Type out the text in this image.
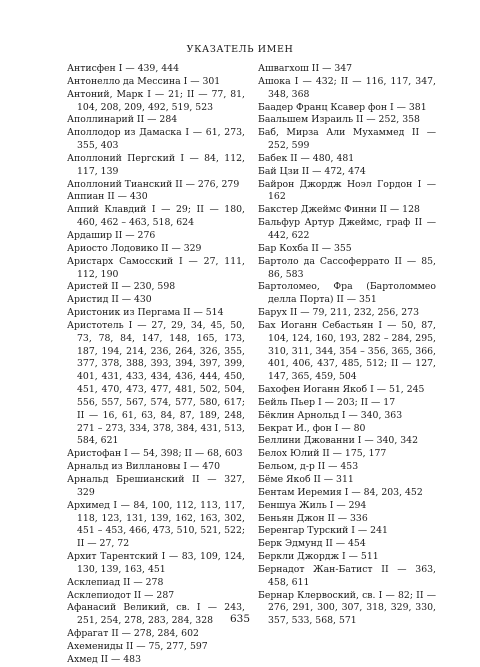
УКАЗАТЕЛЬ ИМЕН
Антисфен I — 439, 444
Антонелло да Мессина I — 301
Антоний, Марк I — 21; II — 77, 81, 104, 208, 209, 492, 519, 523
Аполлинарий II — 284
Аполлодор из Дамаска I — 61, 273, 355, 403
Аполлоний Пергский I — 84, 112, 117, 139
Аполлоний Тианский II — 276, 279
Аппиан II — 430
Аппий Клавдий I — 29; II — 180, 460, 462 – 463, 518, 624
Ардашир II — 276
Ариосто Лодовико II — 329
Аристарх Самосский I — 27, 111, 112, 190
Аристей II — 230, 598
Аристид II — 430
Аристоник из Пергама II — 514
Аристотель I — 27, 29, 34, 45, 50, 73, 78, 84, 147, 148, 165, 173, 187, 194, 214, 236, 264, 326, 355, 377, 378, 388, 393, 394, 397, 399, 401, 431, 433, 434, 436, 444, 450, 451, 470, 473, 477, 481, 502, 504, 556, 557, 567, 574, 577, 580, 617; II — 16, 61, 63, 84, 87, 189, 248, 271 – 273, 334, 378, 384, 431, 513, 584, 621
Аристофан I — 54, 398; II — 68, 603
Арнальд из Виллановы I — 470
Арнальд Брешианский II — 327, 329
Архимед I — 84, 100, 112, 113, 117, 118, 123, 131, 139, 162, 163, 302, 451 – 453, 466, 473, 510, 521, 522; II — 27, 72
Архит Тарентский I — 83, 109, 124, 130, 139, 163, 451
Асклепиад II — 278
Асклепиодот II — 287
Афанасий Великий, св. I — 243, 251, 254, 278, 283, 284, 328
Афрагат II — 278, 284, 602
Ахемениды II — 75, 277, 597
Ахмед II — 483
Ашвагхош II — 347
Ашока I — 432; II — 116, 117, 347, 348, 368
Баадер Франц Ксавер фон I — 381
Баальшем Израиль II — 252, 358
Баб, Мирза Али Мухаммед II — 252, 599
Бабек II — 480, 481
Бай Цзи II — 472, 474
Байрон Джордж Ноэл Гордон I — 162
Бакстер Джеймс Финни II — 128
Бальфур Артур Джеймс, граф II — 442, 622
Бар Кохба II — 355
Бартоло да Сассоферрато II — 85, 86, 583
Бартоломео, Фра (Бартоломмео делла Порта) II — 351
Барух II — 79, 211, 232, 256, 273
Бах Иоганн Себастьян I — 50, 87, 104, 124, 160, 193, 282 – 284, 295, 310, 311, 344, 354 – 356, 365, 366, 401, 406, 437, 485, 512; II — 127, 147, 365, 459, 504
Бахофен Иоганн Якоб I — 51, 245
Бейль Пьер I — 203; II — 17
Бёклин Арнольд I — 340, 363
Бекрат И., фон I — 80
Беллини Джованни I — 340, 342
Белох Юлий II — 175, 177
Бельом, д-р II — 453
Бёме Якоб II — 311
Бентам Иеремия I — 84, 203, 452
Беншуа Жиль I — 294
Беньян Джон II — 336
Беренгар Турский I — 241
Берк Эдмунд II — 454
Беркли Джордж I — 511
Бернадот Жан-Батист II — 363, 458, 611
Бернар Клервоский, св. I — 82; II — 276, 291, 300, 307, 318, 329, 330, 357, 533, 568, 571
635
